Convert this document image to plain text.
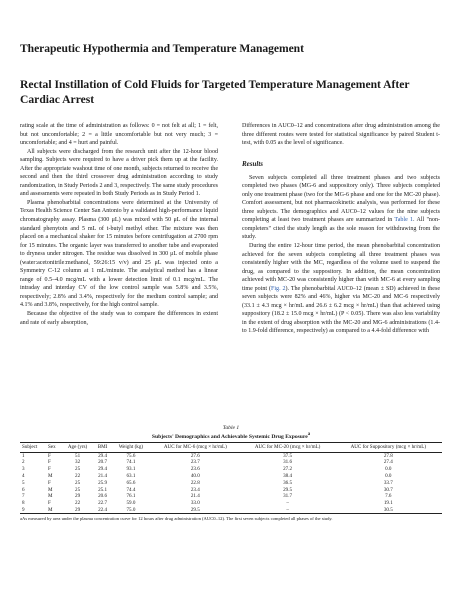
Therapeutic Hypothermia and Temperature Management
Rectal Instillation of Cold Fluids for Targeted Temperature Management After Cardiac Arrest

rating scale at the time of administration as follows: 0 = not felt at all; 1 = felt, but not uncomfortable; 2 = a little uncomfortable but not very much; 3 = uncomfortable; and 4 = hurt and painful.

All subjects were discharged from the research unit after the 12-hour blood sampling. Subjects were required to have a driver pick them up at the facility. After the appropriate washout time of one month, subjects returned to receive the second and then the third crossover drug administration according to study randomization, in Study Periods 2 and 3, respectively. The same study procedures and assessments were repeated in both Study Periods as in Study Period 1.

Plasma phenobarbital concentrations were determined at the University of Texas Health Science Center San Antonio by a validated high-performance liquid chromatography assay. Plasma (300 μL) was mixed with 50 μL of the internal standard phenytoin and 5 mL of t-butyl methyl ether. The mixture was then placed on a mechanical shaker for 15 minutes before centrifugation at 2700 rpm for 15 minutes. The organic layer was transferred to another tube and evaporated to dryness under nitrogen. The residue was dissolved in 300 μL of mobile phase (water:acetonitrile:methanol, 59:26:15 v/v) and 25 μL was injected onto a Symmetry C-12 column at 1 mL/minute. The analytical method has a linear range of 0.5–4.0 mcg/mL with a lower detection limit of 0.1 mcg/mL. The intraday and interday CV of the low control sample was 5.8% and 3.5%, respectively; 2.8% and 3.4%, respectively for the medium control sample; and 4.1% and 3.8%, respectively, for the high control sample.

Because the objective of the study was to compare the differences in extent and rate of early absorption,

Differences in AUC0–12 and concentrations after drug administration among the three different routes were tested for statistical significance by paired Student t-test, with 0.05 as the level of significance.

Results

Seven subjects completed all three treatment phases and two subjects completed two phases (MG-6 and suppository only). Three subjects completed only one treatment phase (two for the MG-6 phase and one for the MC-20 phase). Comfort assessment, but not pharmacokinetic analysis, was performed for these three subjects. The demographics and AUC0–12 values for the nine subjects completing at least two treatment phases are summarized in Table 1. All "non-completers" cited the study length as the sole reason for withdrawing from the study.

During the entire 12-hour time period, the mean phenobarbital concentration achieved for the seven subjects completing all three treatment phases was consistently higher with the MC, regardless of the volume used to suspend the drug, as compared to the suppository. In addition, the mean concentration achieved with MC-20 was consistently higher than with MC-6 at every sampling time point (Fig. 2). The phenobarbital AUC0–12 (mean ± SD) achieved in these seven subjects were 82% and 46%, higher via MC-20 and MC-6 respectively (33.1 ± 4.3 mcg × hr/mL and 26.6 ± 6.2 mcg × hr/mL) than that achieved using suppository (18.2 ± 15.0 mcg × hr/mL) (P < 0.05). There was also less variability in the extent of drug absorption with the MC-20 and MG-6 administrations (1.4- to 1.9-fold difference, respectively) as compared to a 4.4-fold difference with

Table 1
Subjects' Demographics and Achievable Systemic Drug Exposure$^a$
Subject	Sex	Age (yrs)	BMI	Weight (kg)	AUC for MC-6 (mcg × hr/mL)	AUC for MC-20 (mcg × hr/mL)	AUC for Suppository (mcg × hr/mL)
1	F	51	29.4	75.6	27.6	37.5	27.8
2	F	32	20.7	74.1	23.7	31.6	27.4
3	F	25	29.4	93.1	23.6	27.2	0.0
4	M	22	21.4	63.1	40.0	38.4	0.0
5	F	25	25.9	65.6	22.8	36.5	33.7
6	M	25	25.1	74.4	23.4	29.5	30.7
7	M	29	20.6	76.1	21.4	31.7	7.6
8	F	22	22.7	59.0	33.0	–	19.1
9	M	29	22.4	75.0	29.5	–	30.5
aAs measured by area under the plasma concentration curve for 12 hours after drug administration (AUC0–12). The first seven subjects completed all phases of the study.
